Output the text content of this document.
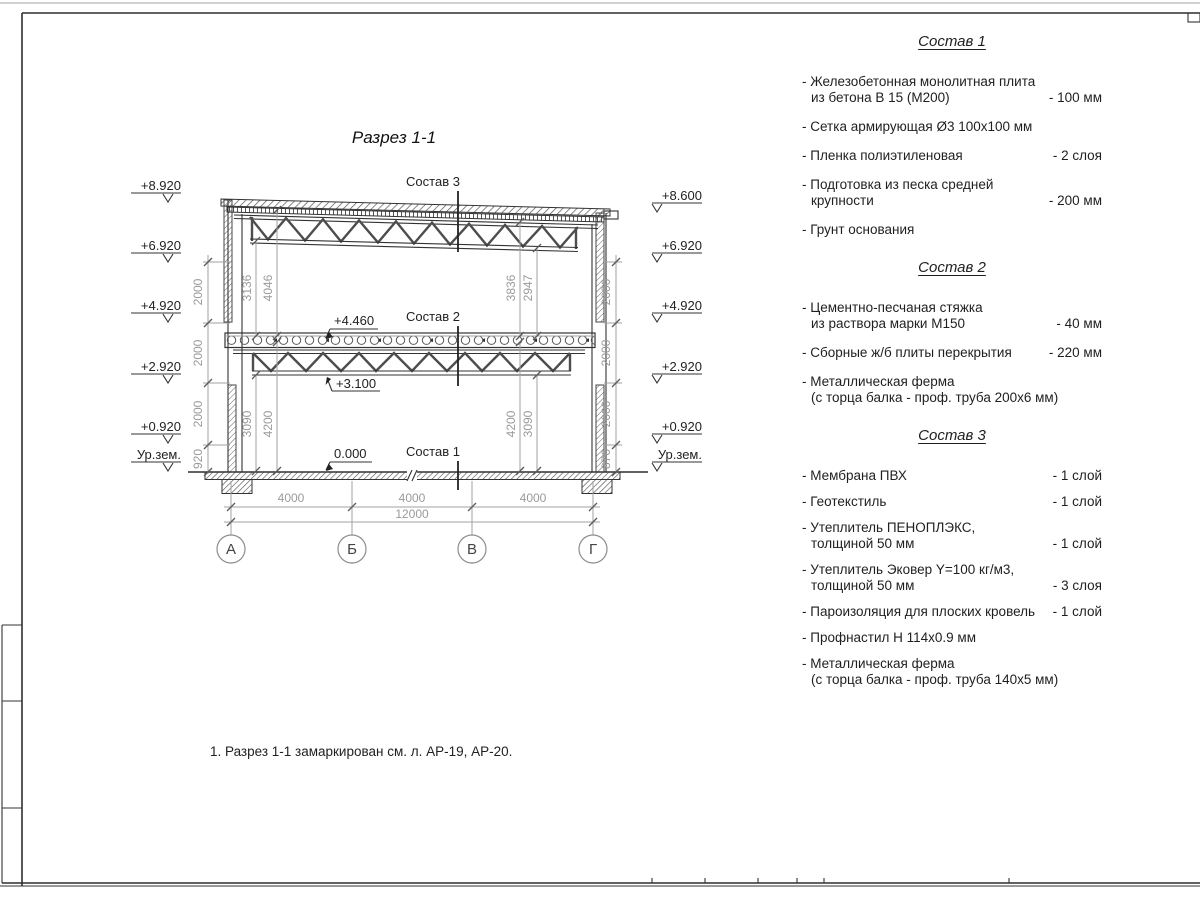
Разрез 1-1
Состав 3
Состав 2
Состав 1
+4.460
+3.100
0.000
+8.920
+6.920
+4.920
+2.920
+0.920
Ур.зем.
+8.600
+6.920
+4.920
+2.920
+0.920
Ур.зем.
2000
2000
2000
920
2000
2000
2000
870
3136 4046
3090 4200
3836 2947
4200 3090
4000	4000	4000
12000
А	Б	В	Г
Состав 1
- Железобетонная монолитная плита
из бетона В 15 (М200)	- 100 мм
- Сетка армирующая Ø3 100х100 мм
- Пленка полиэтиленовая	- 2 слоя
- Подготовка из песка средней
крупности	- 200 мм
- Грунт основания
Состав 2
- Цементно-песчаная стяжка
из раствора марки М150	- 40 мм
- Сборные ж/б плиты перекрытия	- 220 мм
- Металлическая ферма
(с торца балка - проф. труба 200х6 мм)
Состав 3
- Мембрана ПВХ	- 1 слой
- Геотекстиль	- 1 слой
- Утеплитель ПЕНОПЛЭКС,
толщиной 50 мм	- 1 слой
- Утеплитель Эковер Y=100 кг/м3,
толщиной 50 мм	- 3 слоя
- Пароизоляция для плоских кровель	- 1 слой
- Профнастил Н 114х0.9 мм
- Металлическая ферма
(с торца балка - проф. труба 140х5 мм)
1. Разрез 1-1 замаркирован см. л. АР-19, АР-20.
